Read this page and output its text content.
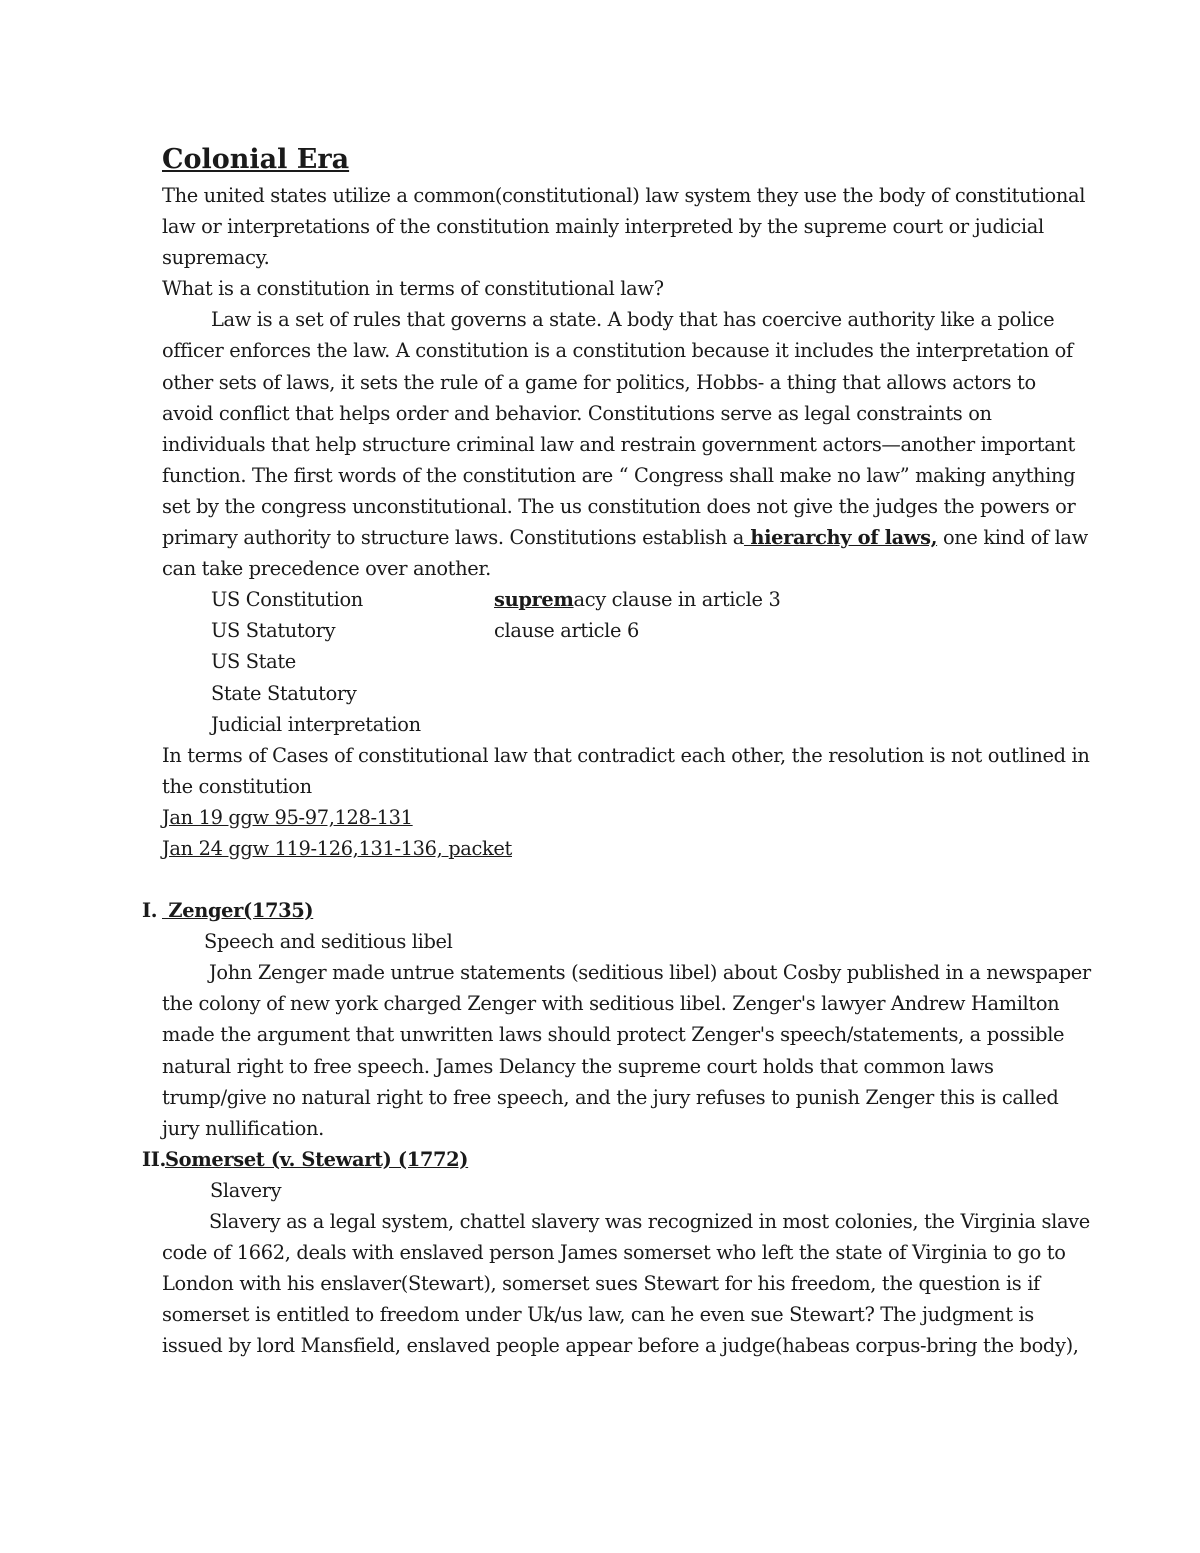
Colonial Era

The united states utilize a common(constitutional) law system they use the body of constitutional law or interpretations of the constitution mainly interpreted by the supreme court or judicial supremacy.

What is a constitution in terms of constitutional law?

Law is a set of rules that governs a state. A body that has coercive authority like a police officer enforces the law. A constitution is a constitution because it includes the interpretation of other sets of laws, it sets the rule of a game for politics, Hobbs- a thing that allows actors to avoid conflict that helps order and behavior. Constitutions serve as legal constraints on individuals that help structure criminal law and restrain government actors—another important function. The first words of the constitution are “ Congress shall make no law” making anything set by the congress unconstitutional. The us constitution does not give the judges the powers or primary authority to structure laws. Constitutions establish a hierarchy of laws, one kind of law can take precedence over another.

US Constitution	supremacy clause in article 3
US Statutory	clause article 6
US State
State Statutory
Judicial interpretation

In terms of Cases of constitutional law that contradict each other, the resolution is not outlined in the constitution

Jan 19 ggw 95-97,128-131

Jan 24 ggw 119-126,131-136, packet

I. Zenger(1735)

Speech and seditious libel

John Zenger made untrue statements (seditious libel) about Cosby published in a newspaper the colony of new york charged Zenger with seditious libel. Zenger's lawyer Andrew Hamilton made the argument that unwritten laws should protect Zenger's speech/statements, a possible natural right to free speech. James Delancy the supreme court holds that common laws trump/give no natural right to free speech, and the jury refuses to punish Zenger this is called jury nullification.

II. Somerset (v. Stewart) (1772)

Slavery

Slavery as a legal system, chattel slavery was recognized in most colonies, the Virginia slave code of 1662, deals with enslaved person James somerset who left the state of Virginia to go to London with his enslaver(Stewart), somerset sues Stewart for his freedom, the question is if somerset is entitled to freedom under Uk/us law, can he even sue Stewart? The judgment is issued by lord Mansfield, enslaved people appear before a judge(habeas corpus-bring the body),
